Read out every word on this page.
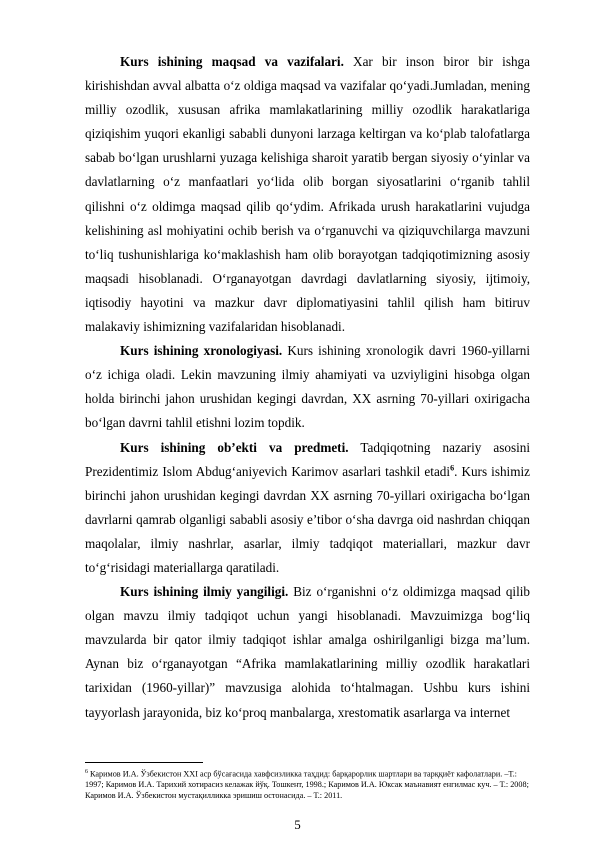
Kurs ishining maqsad va vazifalari. Xar bir inson biror bir ishga kirishishdan avval albatta o‘z oldiga maqsad va vazifalar qo‘yadi.Jumladan, mening milliy ozodlik, xususan afrika mamlakatlarining milliy ozodlik harakatlariga qiziqishim yuqori ekanligi sababli dunyoni larzaga keltirgan va ko‘plab talofatlarga sabab bo‘lgan urushlarni yuzaga kelishiga sharoit yaratib bergan siyosiy o‘yinlar va davlatlarning o‘z manfaatlari yo‘lida olib borgan siyosatlarini o‘rganib tahlil qilishni o‘z oldimga maqsad qilib qo‘ydim. Afrikada urush harakatlarini vujudga kelishining asl mohiyatini ochib berish va o‘rganuvchi va qiziquvchilarga mavzuni to‘liq tushunishlariga ko‘maklashish ham olib borayotgan tadqiqotimizning asosiy maqsadi hisoblanadi. O‘rganayotgan davrdagi davlatlarning siyosiy, ijtimoiy, iqtisodiy hayotini va mazkur davr diplomatiyasini tahlil qilish ham bitiruv malakaviy ishimizning vazifalaridan hisoblanadi.

Kurs ishining xronologiyasi. Kurs ishining xronologik davri 1960-yillarni o‘z ichiga oladi. Lekin mavzuning ilmiy ahamiyati va uzviyligini hisobga olgan holda birinchi jahon urushidan kegingi davrdan, XX asrning 70-yillari oxirigacha bo‘lgan davrni tahlil etishni lozim topdik.

Kurs ishining ob’ekti va predmeti. Tadqiqotning nazariy asosini Prezidentimiz Islom Abdug‘aniyevich Karimov asarlari tashkil etadi$^6$. Kurs ishimiz birinchi jahon urushidan kegingi davrdan XX asrning 70-yillari oxirigacha bo‘lgan davrlarni qamrab olganligi sababli asosiy e’tibor o‘sha davrga oid nashrdan chiqqan maqolalar, ilmiy nashrlar, asarlar, ilmiy tadqiqot materiallari, mazkur davr to‘g‘risidagi materiallarga qaratiladi.

Kurs ishining ilmiy yangiligi. Biz o‘rganishni o‘z oldimizga maqsad qilib olgan mavzu ilmiy tadqiqot uchun yangi hisoblanadi. Mavzuimizga bog‘liq mavzularda bir qator ilmiy tadqiqot ishlar amalga oshirilganligi bizga ma’lum. Aynan biz o‘rganayotgan “Afrika mamlakatlarining milliy ozodlik harakatlari tarixidan (1960-yillar)” mavzusiga alohida to‘htalmagan. Ushbu kurs ishini tayyorlash jarayonida, biz ko‘proq manbalarga, xrestomatik asarlarga va internet

$^6$ Каримов И.А. Ўзбекистон XXI аср бўсағасида хавфсизликка таҳдид: барқарорлик шартлари ва тарққиёт кафолатлари. –Т.: 1997; Каримов И.А. Тарихий хотирасиз келажак йўқ. Тошкент, 1998.; Каримов И.А. Юксак маънавият енгилмас куч. – Т.: 2008; Каримов И.А. Ўзбекистон мустақилликка эришиш остонасида. – Т.: 2011.
5
